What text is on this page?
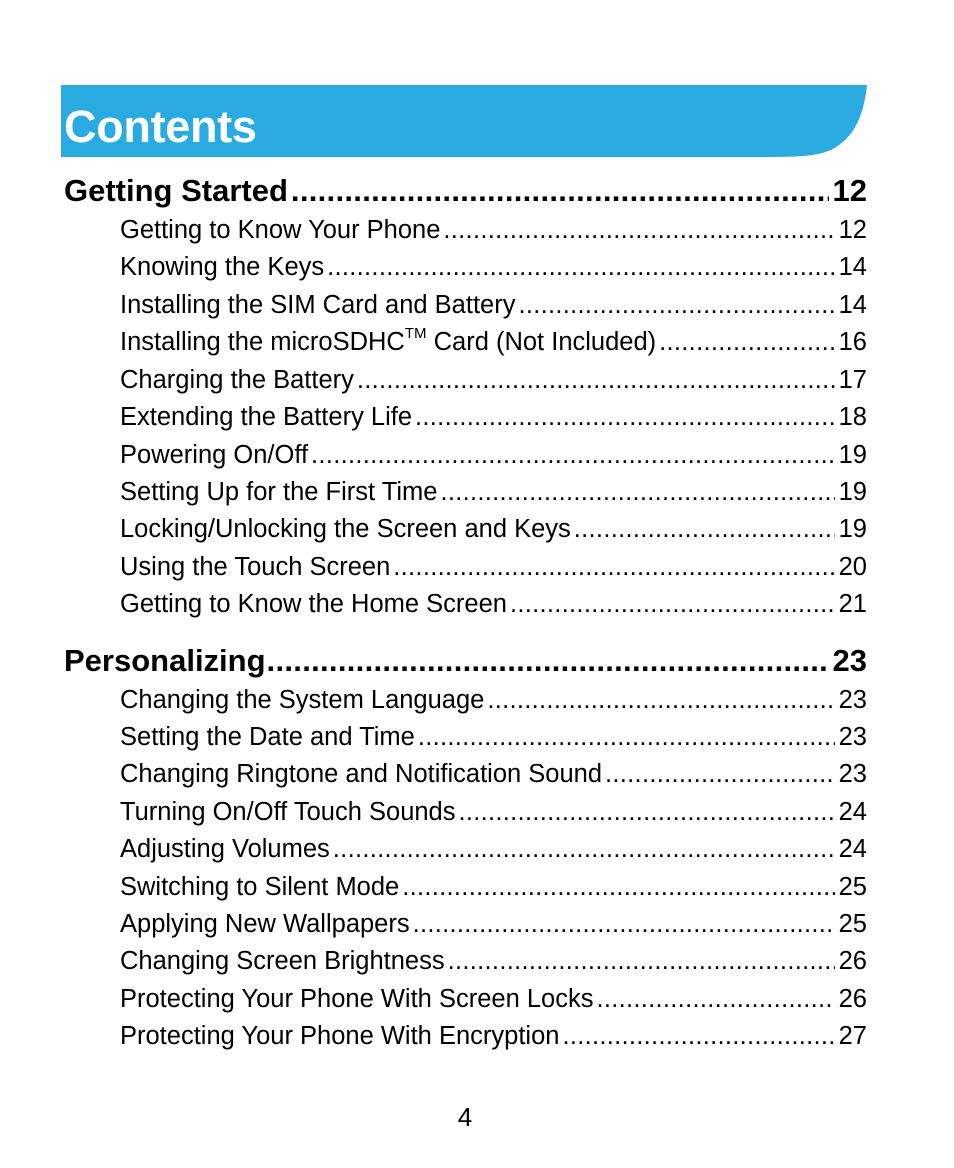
Contents
Getting Started .....	12
Getting to Know Your Phone .....	12
Knowing the Keys .....	14
Installing the SIM Card and Battery .....	14
Installing the microSDHC™ Card (Not Included) .....	16
Charging the Battery .....	17
Extending the Battery Life .....	18
Powering On/Off .....	19
Setting Up for the First Time .....	19
Locking/Unlocking the Screen and Keys .....	19
Using the Touch Screen .....	20
Getting to Know the Home Screen .....	21
Personalizing .....	23
Changing the System Language .....	23
Setting the Date and Time .....	23
Changing Ringtone and Notification Sound .....	23
Turning On/Off Touch Sounds .....	24
Adjusting Volumes .....	24
Switching to Silent Mode .....	25
Applying New Wallpapers .....	25
Changing Screen Brightness .....	26
Protecting Your Phone With Screen Locks .....	26
Protecting Your Phone With Encryption .....	27
4
